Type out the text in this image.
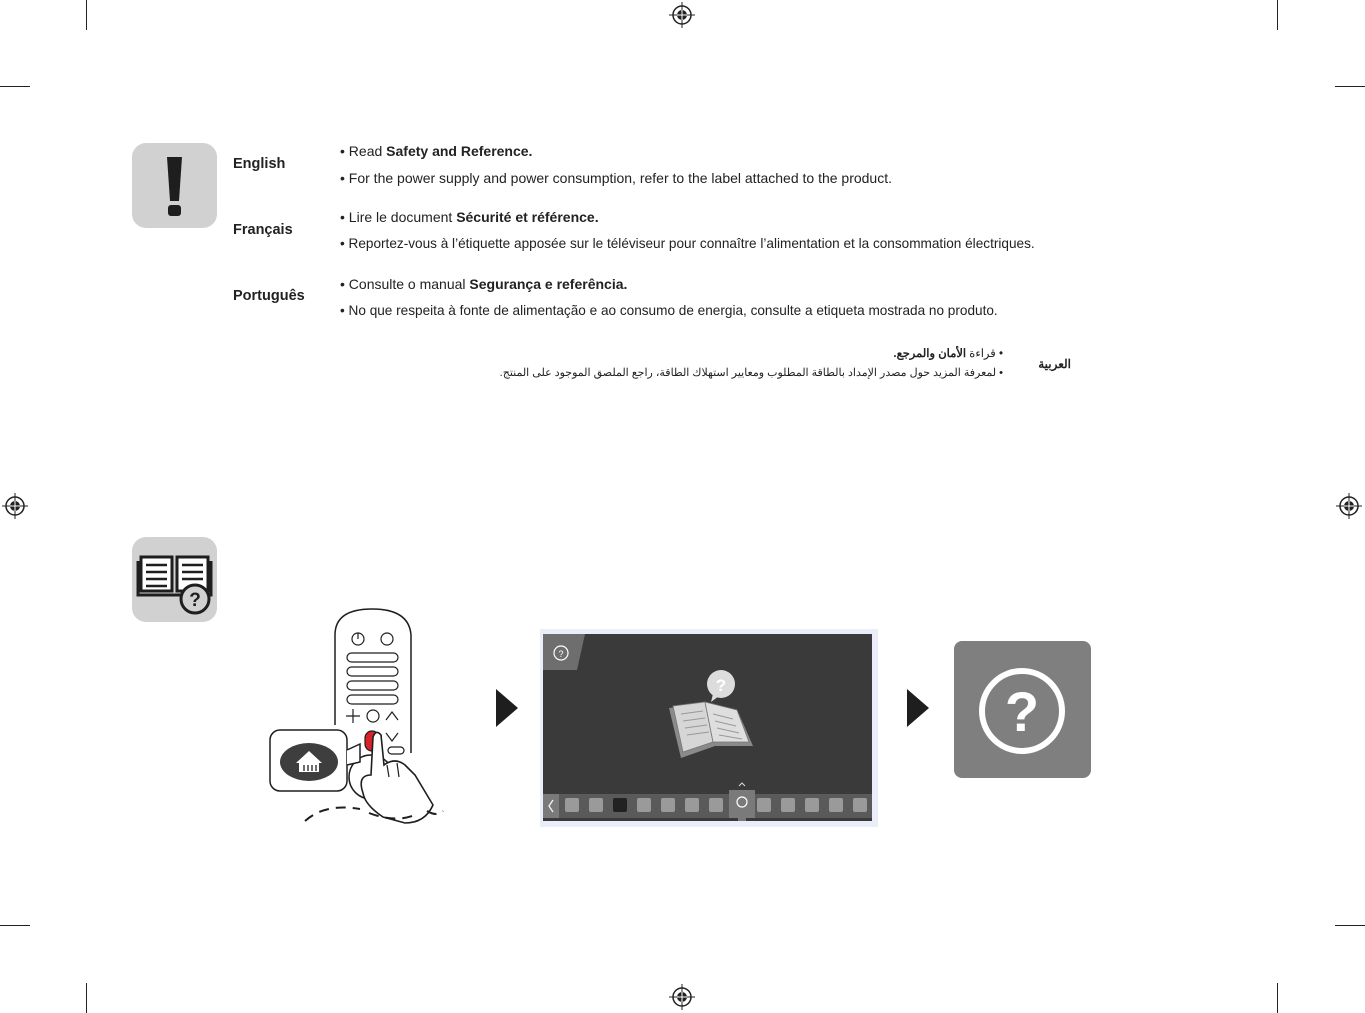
English
• Read Safety and Reference.
• For the power supply and power consumption, refer to the label attached to the product.
Français
• Lire le document Sécurité et référence.
• Reportez-vous à l’étiquette apposée sur le téléviseur pour connaître l’alimentation et la consommation électriques.
Português
• Consulte o manual Segurança e referência.
• No que respeita à fonte de alimentação e ao consumo de energia, consulte a etiqueta mostrada no produto.
العربية
• قراءة الأمان والمرجع.
• لمعرفة المزيد حول مصدر الإمداد بالطاقة المطلوب ومعايير استهلاك الطاقة، راجع الملصق الموجود على المنتج.
?
?
?	?
